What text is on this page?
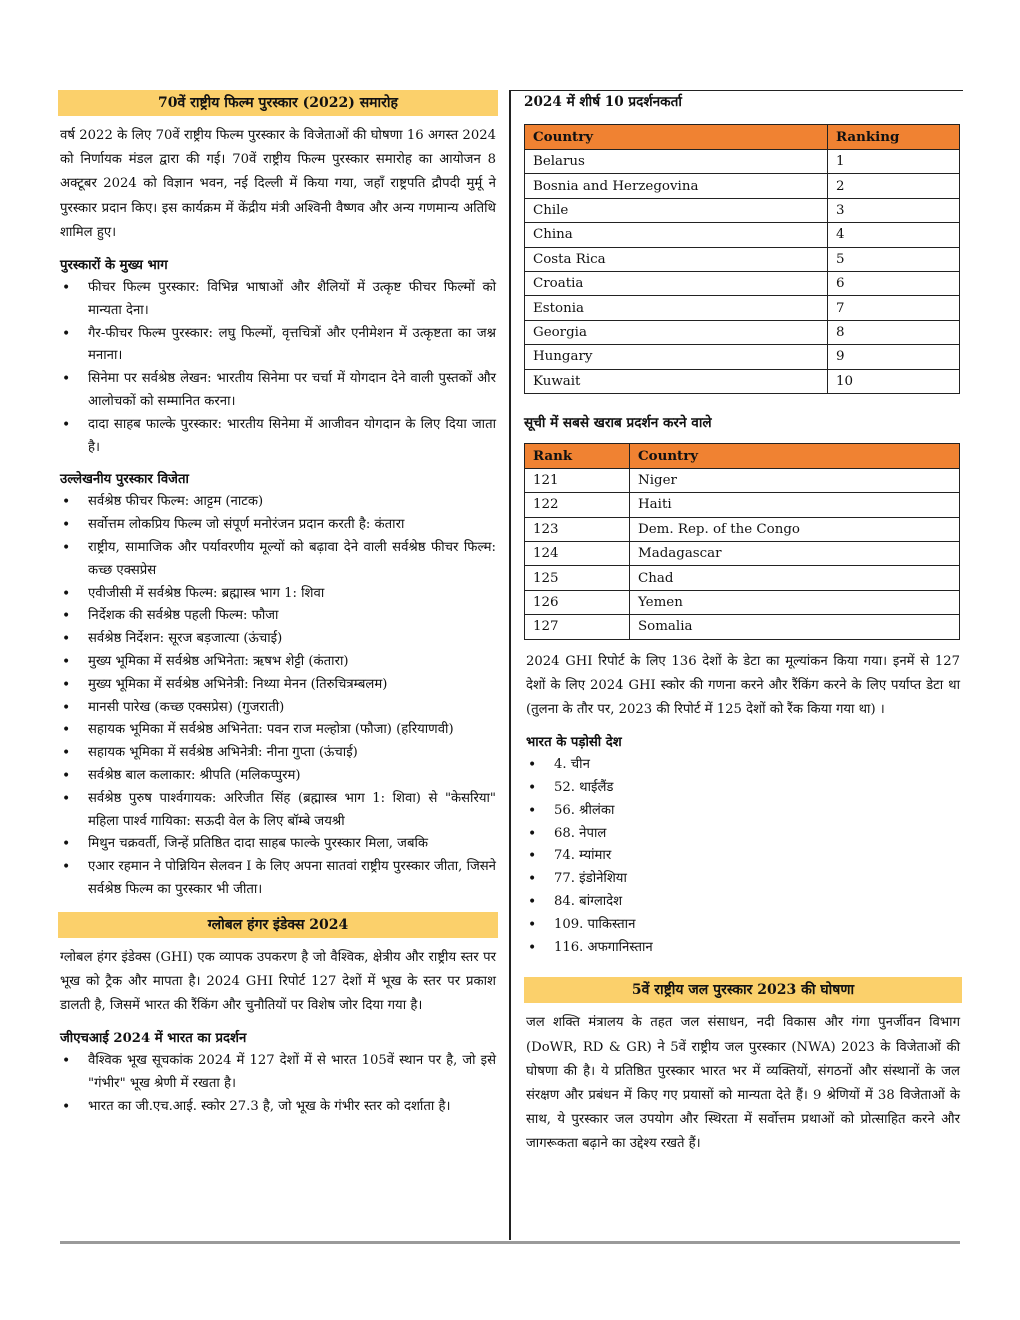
70वें राष्ट्रीय फिल्म पुरस्कार (2022) समारोह

वर्ष 2022 के लिए 70वें राष्ट्रीय फिल्म पुरस्कार के विजेताओं की घोषणा 16 अगस्त 2024 को निर्णायक मंडल द्वारा की गई। 70वें राष्ट्रीय फिल्म पुरस्कार समारोह का आयोजन 8 अक्टूबर 2024 को विज्ञान भवन, नई दिल्ली में किया गया, जहाँ राष्ट्रपति द्रौपदी मुर्मू ने पुरस्कार प्रदान किए। इस कार्यक्रम में केंद्रीय मंत्री अश्विनी वैष्णव और अन्य गणमान्य अतिथि शामिल हुए।

पुरस्कारों के मुख्य भाग
• फीचर फिल्म पुरस्कार: विभिन्न भाषाओं और शैलियों में उत्कृष्ट फीचर फिल्मों को मान्यता देना।
• गैर-फीचर फिल्म पुरस्कार: लघु फिल्मों, वृत्तचित्रों और एनीमेशन में उत्कृष्टता का जश्न मनाना।
• सिनेमा पर सर्वश्रेष्ठ लेखन: भारतीय सिनेमा पर चर्चा में योगदान देने वाली पुस्तकों और आलोचकों को सम्मानित करना।
• दादा साहब फाल्के पुरस्कार: भारतीय सिनेमा में आजीवन योगदान के लिए दिया जाता है।
उल्लेखनीय पुरस्कार विजेता
• सर्वश्रेष्ठ फीचर फिल्म: आट्टम (नाटक)
• सर्वोत्तम लोकप्रिय फिल्म जो संपूर्ण मनोरंजन प्रदान करती है: कंतारा
• राष्ट्रीय, सामाजिक और पर्यावरणीय मूल्यों को बढ़ावा देने वाली सर्वश्रेष्ठ फीचर फिल्म: कच्छ एक्सप्रेस
• एवीजीसी में सर्वश्रेष्ठ फिल्म: ब्रह्मास्त्र भाग 1: शिवा
• निर्देशक की सर्वश्रेष्ठ पहली फिल्म: फौजा
• सर्वश्रेष्ठ निर्देशन: सूरज बड़जात्या (ऊंचाई)
• मुख्य भूमिका में सर्वश्रेष्ठ अभिनेता: ऋषभ शेट्टी (कंतारा)
• मुख्य भूमिका में सर्वश्रेष्ठ अभिनेत्री: निथ्या मेनन (तिरुचित्रम्बलम)
• मानसी पारेख (कच्छ एक्सप्रेस) (गुजराती)
• सहायक भूमिका में सर्वश्रेष्ठ अभिनेता: पवन राज मल्होत्रा (फौजा) (हरियाणवी)
• सहायक भूमिका में सर्वश्रेष्ठ अभिनेत्री: नीना गुप्ता (ऊंचाई)
• सर्वश्रेष्ठ बाल कलाकार: श्रीपति (मलिकप्पुरम)
• सर्वश्रेष्ठ पुरुष पार्श्वगायक: अरिजीत सिंह (ब्रह्मास्त्र भाग 1: शिवा) से "केसरिया" महिला पार्श्व गायिका: सऊदी वेल के लिए बॉम्बे जयश्री
• मिथुन चक्रवर्ती, जिन्हें प्रतिष्ठित दादा साहब फाल्के पुरस्कार मिला, जबकि
• एआर रहमान ने पोन्नियिन सेलवन I के लिए अपना सातवां राष्ट्रीय पुरस्कार जीता, जिसने सर्वश्रेष्ठ फिल्म का पुरस्कार भी जीता।
ग्लोबल हंगर इंडेक्स 2024

ग्लोबल हंगर इंडेक्स (GHI) एक व्यापक उपकरण है जो वैश्विक, क्षेत्रीय और राष्ट्रीय स्तर पर भूख को ट्रैक और मापता है। 2024 GHI रिपोर्ट 127 देशों में भूख के स्तर पर प्रकाश डालती है, जिसमें भारत की रैंकिंग और चुनौतियों पर विशेष जोर दिया गया है।

जीएचआई 2024 में भारत का प्रदर्शन
• वैश्विक भूख सूचकांक 2024 में 127 देशों में से भारत 105वें स्थान पर है, जो इसे "गंभीर" भूख श्रेणी में रखता है।
• भारत का जी.एच.आई. स्कोर 27.3 है, जो भूख के गंभीर स्तर को दर्शाता है।
2024 में शीर्ष 10 प्रदर्शनकर्ता
Country	Ranking
Belarus	1
Bosnia and Herzegovina	2
Chile	3
China	4
Costa Rica	5
Croatia	6
Estonia	7
Georgia	8
Hungary	9
Kuwait	10
सूची में सबसे खराब प्रदर्शन करने वाले
Rank	Country
121	Niger
122	Haiti
123	Dem. Rep. of the Congo
124	Madagascar
125	Chad
126	Yemen
127	Somalia

2024 GHI रिपोर्ट के लिए 136 देशों के डेटा का मूल्यांकन किया गया। इनमें से 127 देशों के लिए 2024 GHI स्कोर की गणना करने और रैंकिंग करने के लिए पर्याप्त डेटा था (तुलना के तौर पर, 2023 की रिपोर्ट में 125 देशों को रैंक किया गया था) ।

भारत के पड़ोसी देश
• 4. चीन
• 52. थाईलैंड
• 56. श्रीलंका
• 68. नेपाल
• 74. म्यांमार
• 77. इंडोनेशिया
• 84. बांग्लादेश
• 109. पाकिस्तान
• 116. अफगानिस्तान
5वें राष्ट्रीय जल पुरस्कार 2023 की घोषणा

जल शक्ति मंत्रालय के तहत जल संसाधन, नदी विकास और गंगा पुनर्जीवन विभाग (DoWR, RD & GR) ने 5वें राष्ट्रीय जल पुरस्कार (NWA) 2023 के विजेताओं की घोषणा की है। ये प्रतिष्ठित पुरस्कार भारत भर में व्यक्तियों, संगठनों और संस्थानों के जल संरक्षण और प्रबंधन में किए गए प्रयासों को मान्यता देते हैं। 9 श्रेणियों में 38 विजेताओं के साथ, ये पुरस्कार जल उपयोग और स्थिरता में सर्वोत्तम प्रथाओं को प्रोत्साहित करने और जागरूकता बढ़ाने का उद्देश्य रखते हैं।
